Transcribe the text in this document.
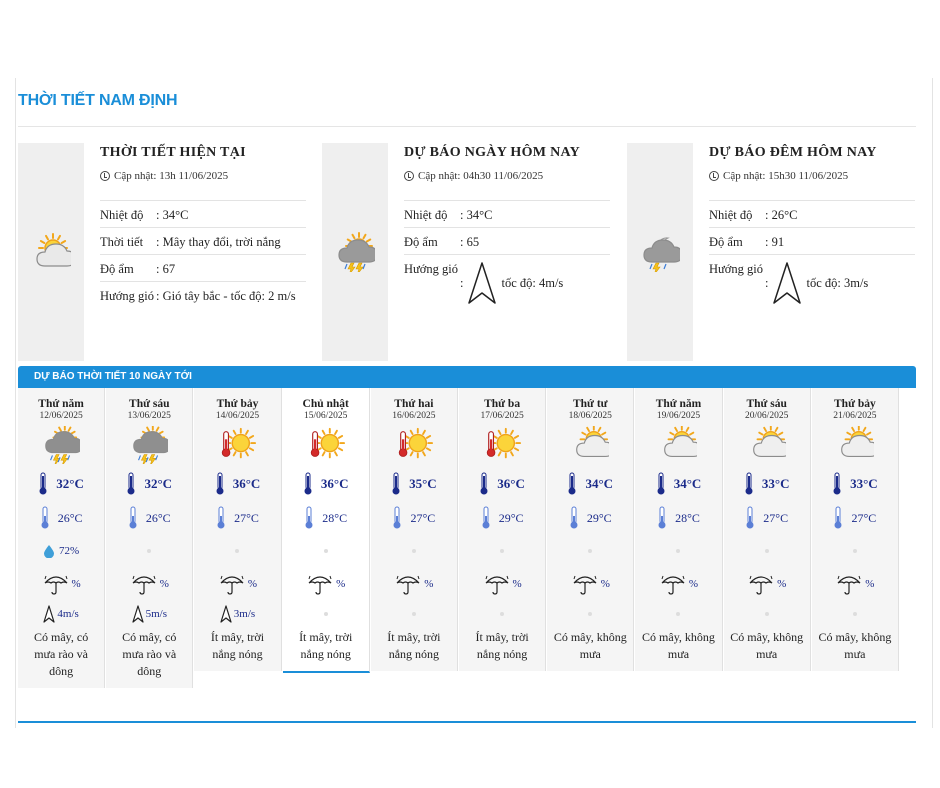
THỜI TIẾT NAM ĐỊNH
THỜI TIẾT HIỆN TẠI
Cập nhật: 13h 11/06/2025
Nhiệt độ	: 34°C
Thời tiết	: Mây thay đổi, trời nắng
Độ ẩm	: 67
Hướng gió	: Gió tây bắc - tốc độ: 2 m/s
DỰ BÁO NGÀY HÔM NAY
Cập nhật: 04h30 11/06/2025
Nhiệt độ	: 34°C
Độ ẩm	: 65
Hướng gió	: tốc độ: 4m/s
DỰ BÁO ĐÊM HÔM NAY
Cập nhật: 15h30 11/06/2025
Nhiệt độ	: 26°C
Độ ẩm	: 91
Hướng gió	: tốc độ: 3m/s
DỰ BÁO THỜI TIẾT 10 NGÀY TỚI
Thứ năm
12/06/2025
32°C
26°C
72%
%
4m/s
Có mây, có mưa rào và dông
Thứ sáu
13/06/2025
32°C
26°C
%
5m/s
Có mây, có mưa rào và dông
Thứ bảy
14/06/2025
36°C
27°C
%
3m/s
Ít mây, trời nắng nóng
Chủ nhật
15/06/2025
36°C
28°C
%
Ít mây, trời nắng nóng
Thứ hai
16/06/2025
35°C
27°C
%
Ít mây, trời nắng nóng
Thứ ba
17/06/2025
36°C
29°C
%
Ít mây, trời nắng nóng
Thứ tư
18/06/2025
34°C
29°C
%
Có mây, không mưa
Thứ năm
19/06/2025
34°C
28°C
%
Có mây, không mưa
Thứ sáu
20/06/2025
33°C
27°C
%
Có mây, không mưa
Thứ bảy
21/06/2025
33°C
27°C
%
Có mây, không mưa
